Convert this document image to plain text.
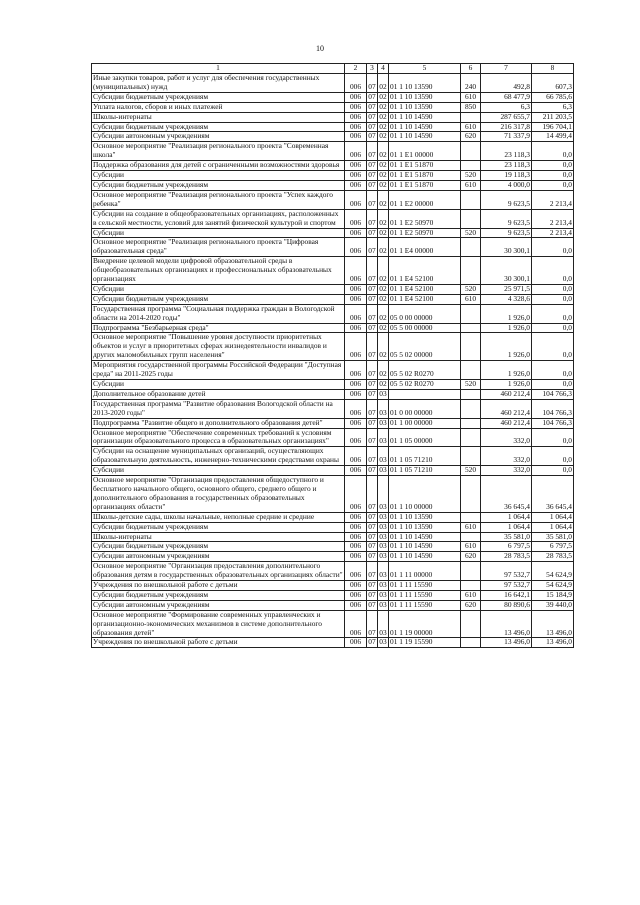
10
1	2	3	4	5	6	7	8
Иные закупки товаров, работ и услуг для обеспечения государственных (муниципальных) нужд	006	07	02	01 1 10 13590	240	492,8	607,3
Субсидии бюджетным учреждениям	006	07	02	01 1 10 13590	610	68 477,9	66 785,6
Уплата налогов, сборов и иных платежей	006	07	02	01 1 10 13590	850	6,3	6,3
Школы-интернаты	006	07	02	01 1 10 14590		287 655,7	211 203,5
Субсидии бюджетным учреждениям	006	07	02	01 1 10 14590	610	216 317,8	196 704,1
Субсидии автономным учреждениям	006	07	02	01 1 10 14590	620	71 337,9	14 499,4
Основное мероприятие "Реализация регионального проекта "Современная школа"	006	07	02	01 1 E1 00000		23 118,3	0,0
Поддержка образования для детей с ограниченными возможностями здоровья	006	07	02	01 1 E1 51870		23 118,3	0,0
Субсидии	006	07	02	01 1 E1 51870	520	19 118,3	0,0
Субсидии бюджетным учреждениям	006	07	02	01 1 E1 51870	610	4 000,0	0,0
Основное мероприятие "Реализация регионального проекта "Успех каждого ребенка"	006	07	02	01 1 E2 00000		9 623,5	2 213,4
Субсидии на создание в общеобразовательных организациях, расположенных в сельской местности, условий для занятий физической культурой и спортом	006	07	02	01 1 E2 50970		9 623,5	2 213,4
Субсидии	006	07	02	01 1 E2 50970	520	9 623,5	2 213,4
Основное мероприятие "Реализация регионального проекта "Цифровая образовательная среда"	006	07	02	01 1 E4 00000		30 300,1	0,0
Внедрение целевой модели цифровой образовательной среды в общеобразовательных организациях и профессиональных образовательных организациях	006	07	02	01 1 E4 52100		30 300,1	0,0
Субсидии	006	07	02	01 1 E4 52100	520	25 971,5	0,0
Субсидии бюджетным учреждениям	006	07	02	01 1 E4 52100	610	4 328,6	0,0
Государственная программа "Социальная поддержка граждан в Вологодской области на 2014-2020 годы"	006	07	02	05 0 00 00000		1 926,0	0,0
Подпрограмма "Безбарьерная среда"	006	07	02	05 5 00 00000		1 926,0	0,0
Основное мероприятие "Повышение уровня доступности приоритетных объектов и услуг в приоритетных сферах жизнедеятельности инвалидов и других маломобильных групп населения"	006	07	02	05 5 02 00000		1 926,0	0,0
Мероприятия государственной программы Российской Федерации "Доступная среда" на 2011-2025 годы	006	07	02	05 5 02 R0270		1 926,0	0,0
Субсидии	006	07	02	05 5 02 R0270	520	1 926,0	0,0
Дополнительное образование детей	006	07	03			460 212,4	104 766,3
Государственная программа "Развитие образования Вологодской области на 2013-2020 годы"	006	07	03	01 0 00 00000		460 212,4	104 766,3
Подпрограмма "Развитие общего и дополнительного образования детей"	006	07	03	01 1 00 00000		460 212,4	104 766,3
Основное мероприятие "Обеспечение современных требований к условиям организации образовательного процесса в образовательных организациях"	006	07	03	01 1 05 00000		332,0	0,0
Субсидии на оснащение муниципальных организаций, осуществляющих образовательную деятельность, инженерно-техническими средствами охраны	006	07	03	01 1 05 71210		332,0	0,0
Субсидии	006	07	03	01 1 05 71210	520	332,0	0,0
Основное мероприятие "Организация предоставления общедоступного и бесплатного начального общего, основного общего, среднего общего и дополнительного образования в государственных образовательных организациях области"	006	07	03	01 1 10 00000		36 645,4	36 645,4
Школы-детские сады, школы начальные, неполные средние и средние	006	07	03	01 1 10 13590		1 064,4	1 064,4
Субсидии бюджетным учреждениям	006	07	03	01 1 10 13590	610	1 064,4	1 064,4
Школы-интернаты	006	07	03	01 1 10 14590		35 581,0	35 581,0
Субсидии бюджетным учреждениям	006	07	03	01 1 10 14590	610	6 797,5	6 797,5
Субсидии автономным учреждениям	006	07	03	01 1 10 14590	620	28 783,5	28 783,5
Основное мероприятие "Организация предоставления дополнительного образования детям в государственных образовательных организациях области"	006	07	03	01 1 11 00000		97 532,7	54 624,9
Учреждения по внешкольной работе с детьми	006	07	03	01 1 11 15590		97 532,7	54 624,9
Субсидии бюджетным учреждениям	006	07	03	01 1 11 15590	610	16 642,1	15 184,9
Субсидии автономным учреждениям	006	07	03	01 1 11 15590	620	80 890,6	39 440,0
Основное мероприятие "Формирование современных управленческих и организационно-экономических механизмов в системе дополнительного образования детей"	006	07	03	01 1 19 00000		13 496,0	13 496,0
Учреждения по внешкольной работе с детьми	006	07	03	01 1 19 15590		13 496,0	13 496,0
